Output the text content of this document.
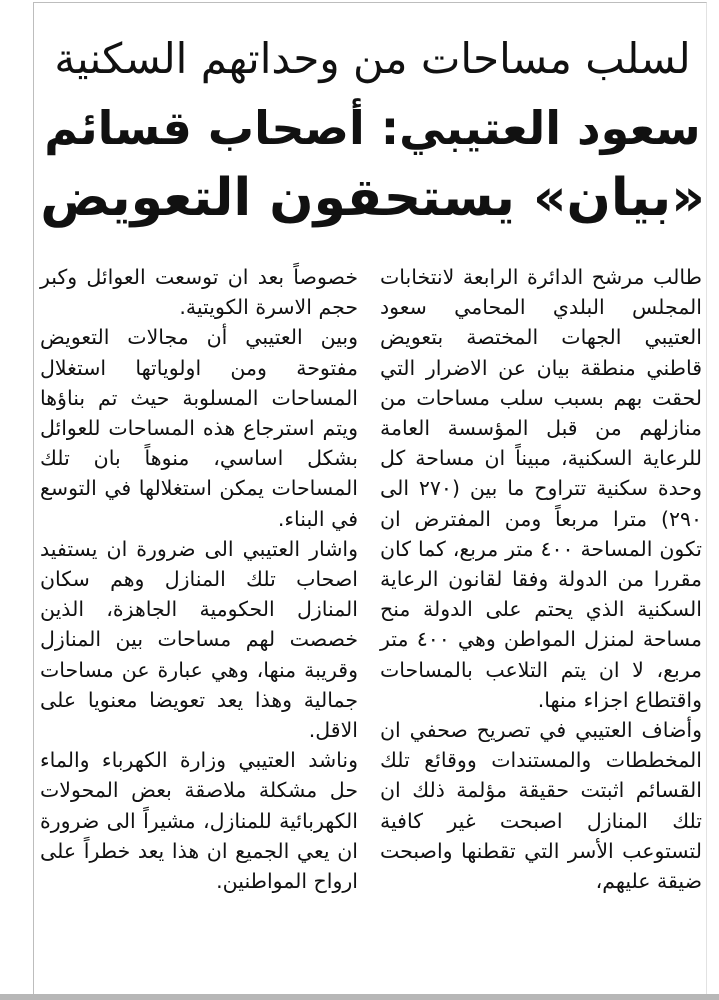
لسلب مساحات من وحداتهم السكنية
سعود العتيبي: أصحاب قسائم
«بيان» يستحقون التعويض

طالب مرشح الدائرة الرابعة لانتخابات المجلس البلدي المحامي سعود العتيبي الجهات المختصة بتعويض قاطني منطقة بيان عن الاضرار التي لحقت بهم بسبب سلب مساحات من منازلهم من قبل المؤسسة العامة للرعاية السكنية، مبيناً ان مساحة كل وحدة سكنية تتراوح ما بين (٢٧٠ الى ٢٩٠) مترا مربعاً ومن المفترض ان تكون المساحة ٤٠٠ متر مربع، كما كان مقررا من الدولة وفقا لقانون الرعاية السكنية الذي يحتم على الدولة منح مساحة لمنزل المواطن وهي ٤٠٠ متر مربع، لا ان يتم التلاعب بالمساحات واقتطاع اجزاء منها.

وأضاف العتيبي في تصريح صحفي ان المخططات والمستندات ووقائع تلك القسائم اثبتت حقيقة مؤلمة ذلك ان تلك المنازل اصبحت غير كافية لتستوعب الأسر التي تقطنها واصبحت ضيقة عليهم،

خصوصاً بعد ان توسعت العوائل وكبر حجم الاسرة الكويتية.

وبين العتيبي أن مجالات التعويض مفتوحة ومن اولوياتها استغلال المساحات المسلوبة حيث تم بناؤها ويتم استرجاع هذه المساحات للعوائل بشكل اساسي، منوهاً بان تلك المساحات يمكن استغلالها في التوسع في البناء.

واشار العتيبي الى ضرورة ان يستفيد اصحاب تلك المنازل وهم سكان المنازل الحكومية الجاهزة، الذين خصصت لهم مساحات بين المنازل وقريبة منها، وهي عبارة عن مساحات جمالية وهذا يعد تعويضا معنويا على الاقل.

وناشد العتيبي وزارة الكهرباء والماء حل مشكلة ملاصقة بعض المحولات الكهربائية للمنازل، مشيراً الى ضرورة ان يعي الجميع ان هذا يعد خطراً على ارواح المواطنين.
